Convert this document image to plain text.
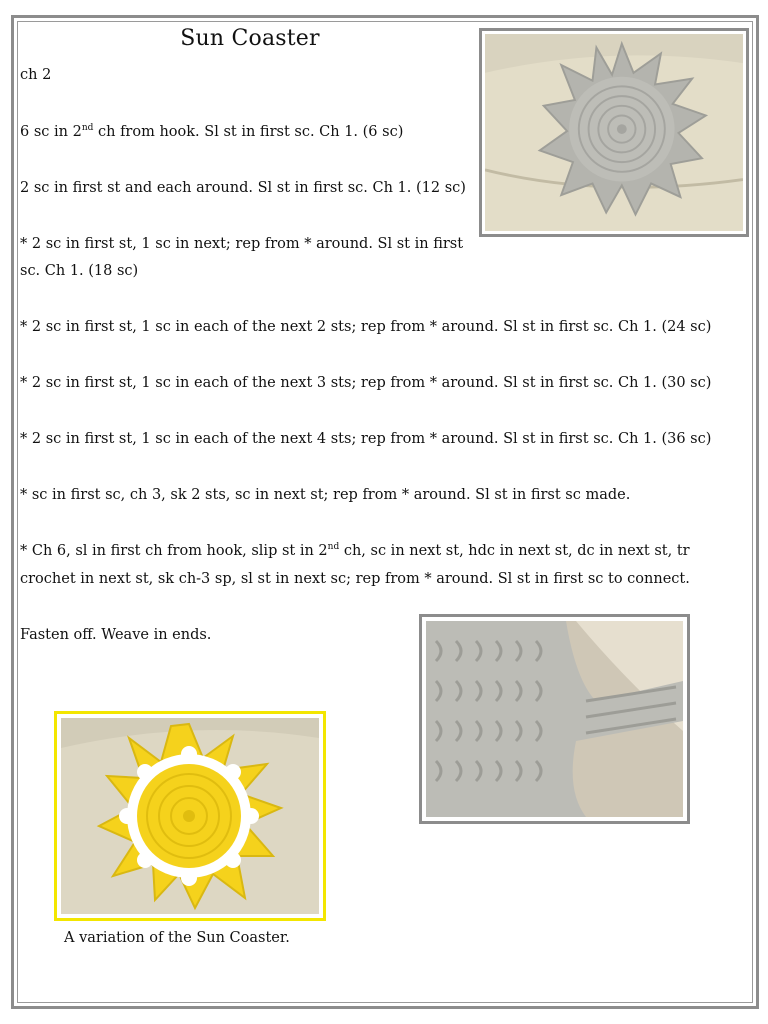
Sun Coaster
ch 2
6 sc in 2nd ch from hook. Sl st in first sc. Ch 1. (6 sc)
2 sc in first st and each around. Sl st in first sc. Ch 1. (12 sc)
* 2 sc in first st, 1 sc in next; rep from * around. Sl st in first
sc. Ch 1. (18 sc)
* 2 sc in first st, 1 sc in each of the next 2 sts; rep from * around. Sl st in first sc. Ch 1. (24 sc)
* 2 sc in first st, 1 sc in each of the next 3 sts; rep from * around. Sl st in first sc. Ch 1. (30 sc)
* 2 sc in first st, 1 sc in each of the next 4 sts; rep from * around. Sl st in first sc. Ch 1. (36 sc)
* sc in first sc, ch 3, sk 2 sts, sc in next st; rep from * around. Sl st in first sc made.
* Ch 6, sl in first ch from hook, slip st in 2nd ch, sc in next st, hdc in next st, dc in next st, tr
crochet in next st, sk ch-3 sp, sl st in next sc; rep from * around. Sl st in first sc to connect.
Fasten off. Weave in ends.
A variation of the Sun Coaster.
